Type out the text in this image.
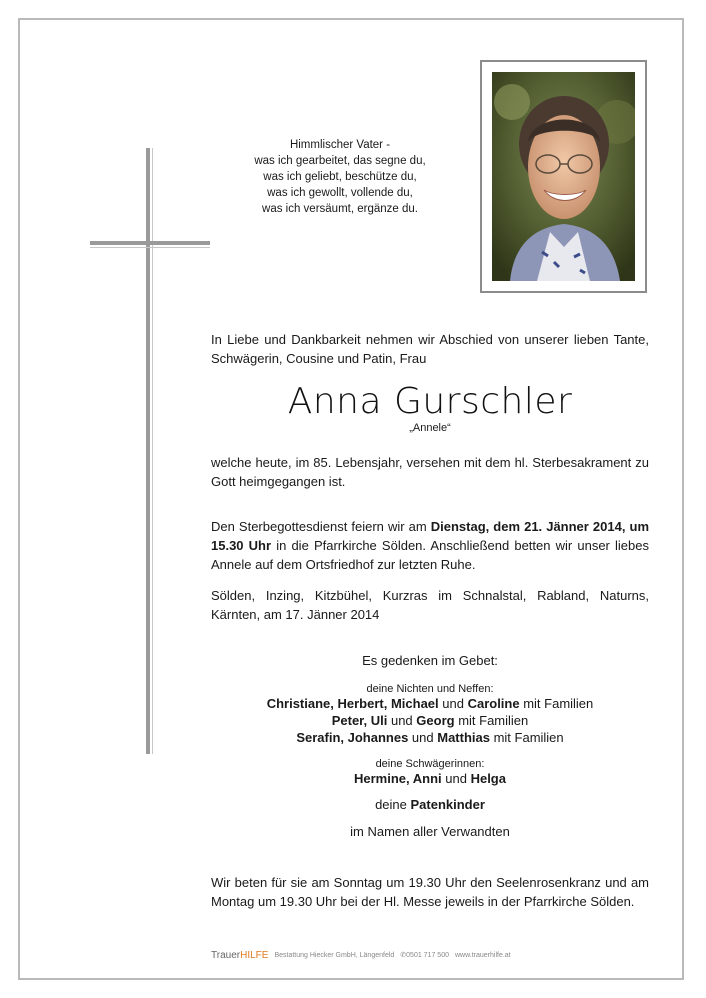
Himmlischer Vater -
was ich gearbeitet, das segne du,
was ich geliebt, beschütze du,
was ich gewollt, vollende du,
was ich versäumt, ergänze du.

In Liebe und Dankbarkeit nehmen wir Abschied von unserer lieben Tante, Schwägerin, Cousine und Patin, Frau

Anna Gurschler
„Annele“

welche heute, im 85. Lebensjahr, versehen mit dem hl. Sterbesakrament zu Gott heimgegangen ist.

Den Sterbegottesdienst feiern wir am Dienstag, dem 21. Jänner 2014, um 15.30 Uhr in die Pfarrkirche Sölden. Anschließend betten wir unser liebes Annele auf dem Ortsfriedhof zur letzten Ruhe.

Sölden, Inzing, Kitzbühel, Kurzras im Schnalstal, Rabland, Naturns, Kärnten, am 17. Jänner 2014

Es gedenken im Gebet:
deine Nichten und Neffen:
Christiane, Herbert, Michael und Caroline mit Familien
Peter, Uli und Georg mit Familien
Serafin, Johannes und Matthias mit Familien
deine Schwägerinnen:
Hermine, Anni und Helga
deine Patenkinder
im Namen aller Verwandten

Wir beten für sie am Sonntag um 19.30 Uhr den Seelenrosenkranz und am Montag um 19.30 Uhr bei der Hl. Messe jeweils in der Pfarrkirche Sölden.

TrauerHILFE Bestattung Hiecker GmbH, Längenfeld ✆0501 717 500 www.trauerhilfe.at
